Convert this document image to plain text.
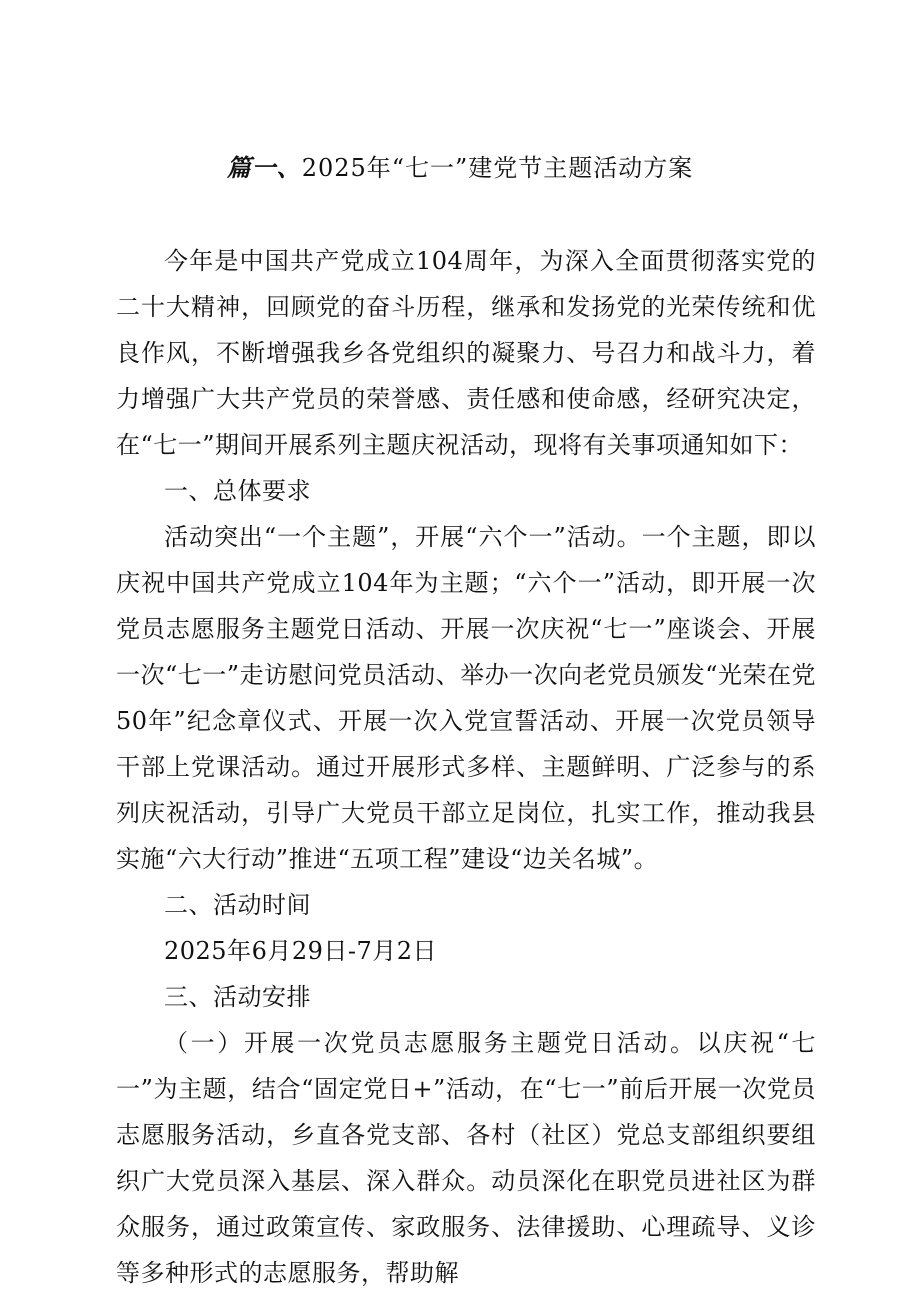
篇一、2025年“七一”建党节主题活动方案

今年是中国共产党成立104周年，为深入全面贯彻落实党的二十大精神，回顾党的奋斗历程，继承和发扬党的光荣传统和优良作风，不断增强我乡各党组织的凝聚力、号召力和战斗力，着力增强广大共产党员的荣誉感、责任感和使命感，经研究决定，在“七一”期间开展系列主题庆祝活动，现将有关事项通知如下：

一、总体要求

活动突出“一个主题”，开展“六个一”活动。一个主题，即以庆祝中国共产党成立104年为主题；“六个一”活动，即开展一次党员志愿服务主题党日活动、开展一次庆祝“七一”座谈会、开展一次“七一”走访慰问党员活动、举办一次向老党员颁发“光荣在党50年”纪念章仪式、开展一次入党宣誓活动、开展一次党员领导干部上党课活动。通过开展形式多样、主题鲜明、广泛参与的系列庆祝活动，引导广大党员干部立足岗位，扎实工作，推动我县实施“六大行动”推进“五项工程”建设“边关名城”。

二、活动时间

2025年6月29日-7月2日

三、活动安排

（一）开展一次党员志愿服务主题党日活动。以庆祝“七一”为主题，结合“固定党日+”活动，在“七一”前后开展一次党员志愿服务活动，乡直各党支部、各村（社区）党总支部组织要组织广大党员深入基层、深入群众。动员深化在职党员进社区为群众服务，通过政策宣传、家政服务、法律援助、心理疏导、义诊等多种形式的志愿服务，帮助解
